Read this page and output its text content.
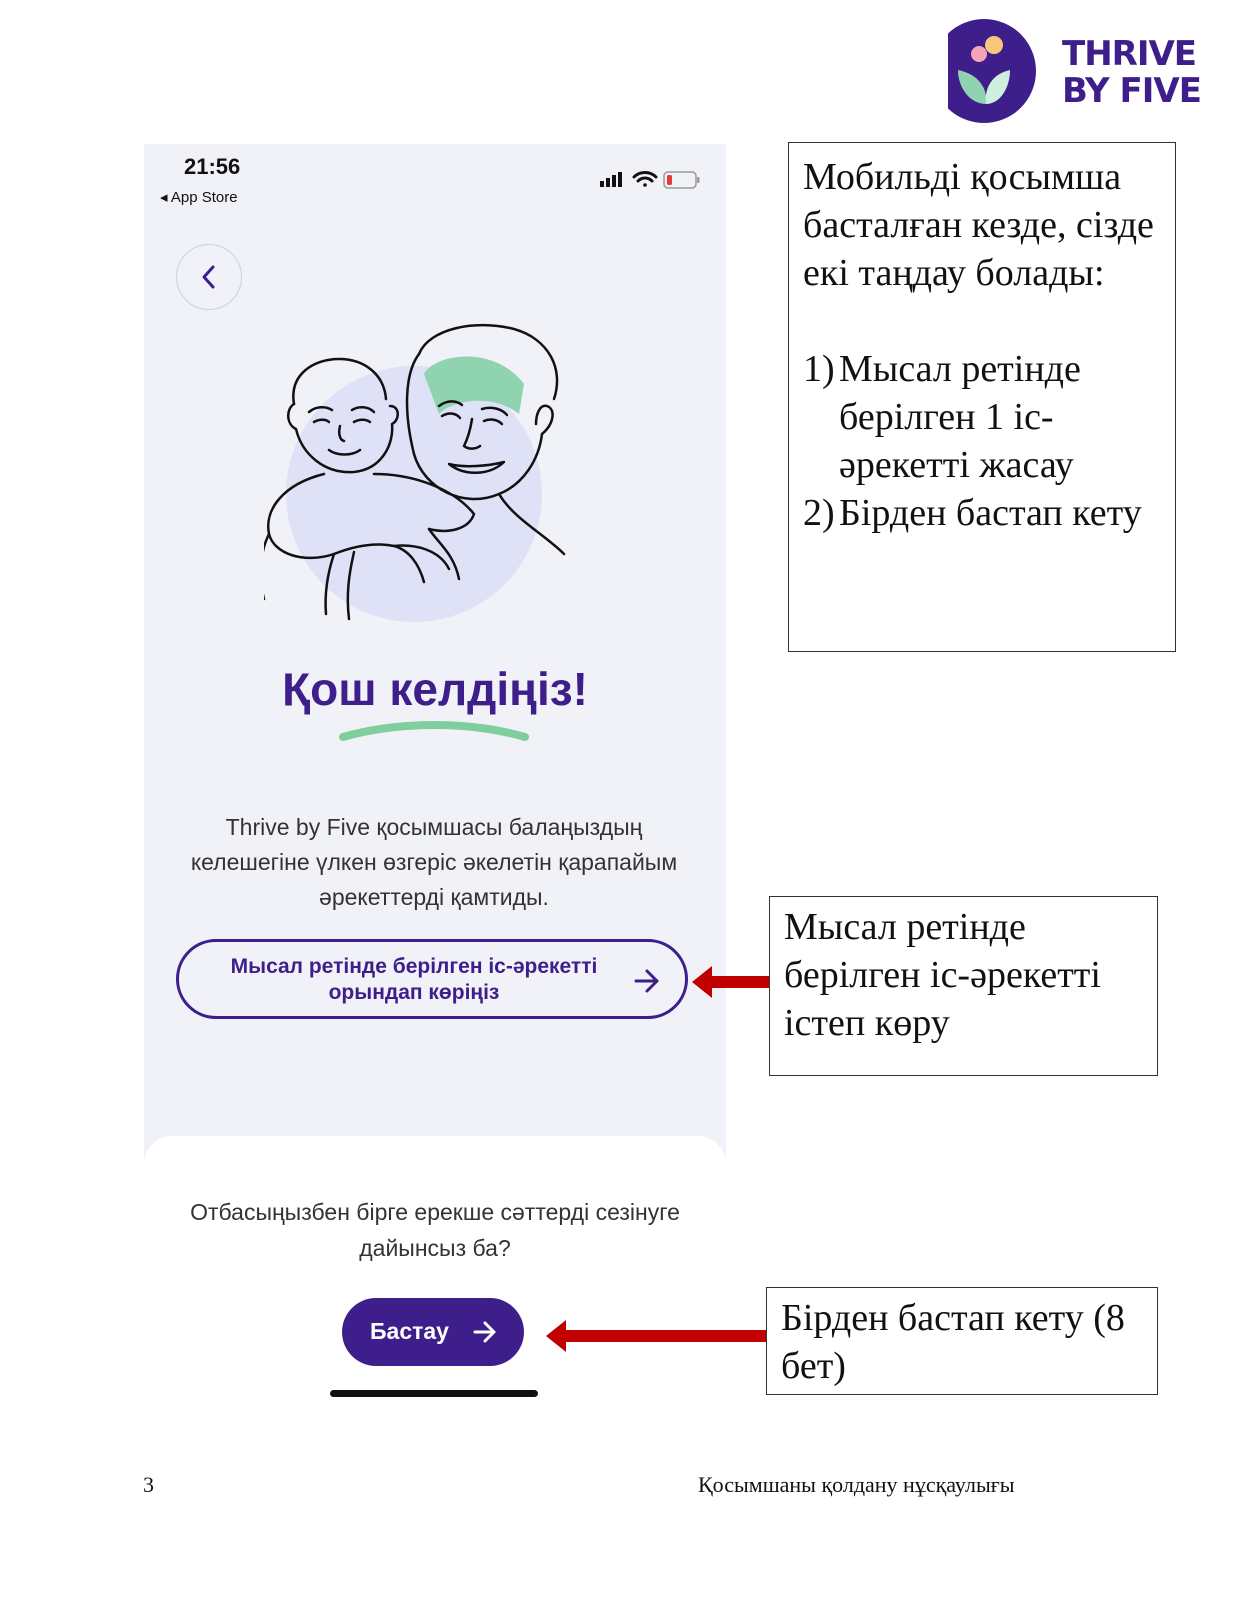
THRIVE
BY FIVE
21:56
◂ App Store
Қош келдіңіз!
Thrive by Five қосымшасы балаңыздың келешегіне үлкен өзгеріс әкелетін қарапайым әрекеттерді қамтиды.
Мысал ретінде берілген іс-әрекетті орындап көріңіз
Отбасыңызбен бірге ерекше сәттерді сезінуге дайынсыз ба?
Бастау
Мобильді қосымша басталған кезде, сізде екі таңдау болады:
1) Мысал ретінде берілген 1 іс-әрекетті жасау
2) Бірден бастап кету
Мысал ретінде берілген іс-әрекетті істеп көру
Бірден бастап кету (8 бет)
3	Қосымшаны қолдану нұсқаулығы
